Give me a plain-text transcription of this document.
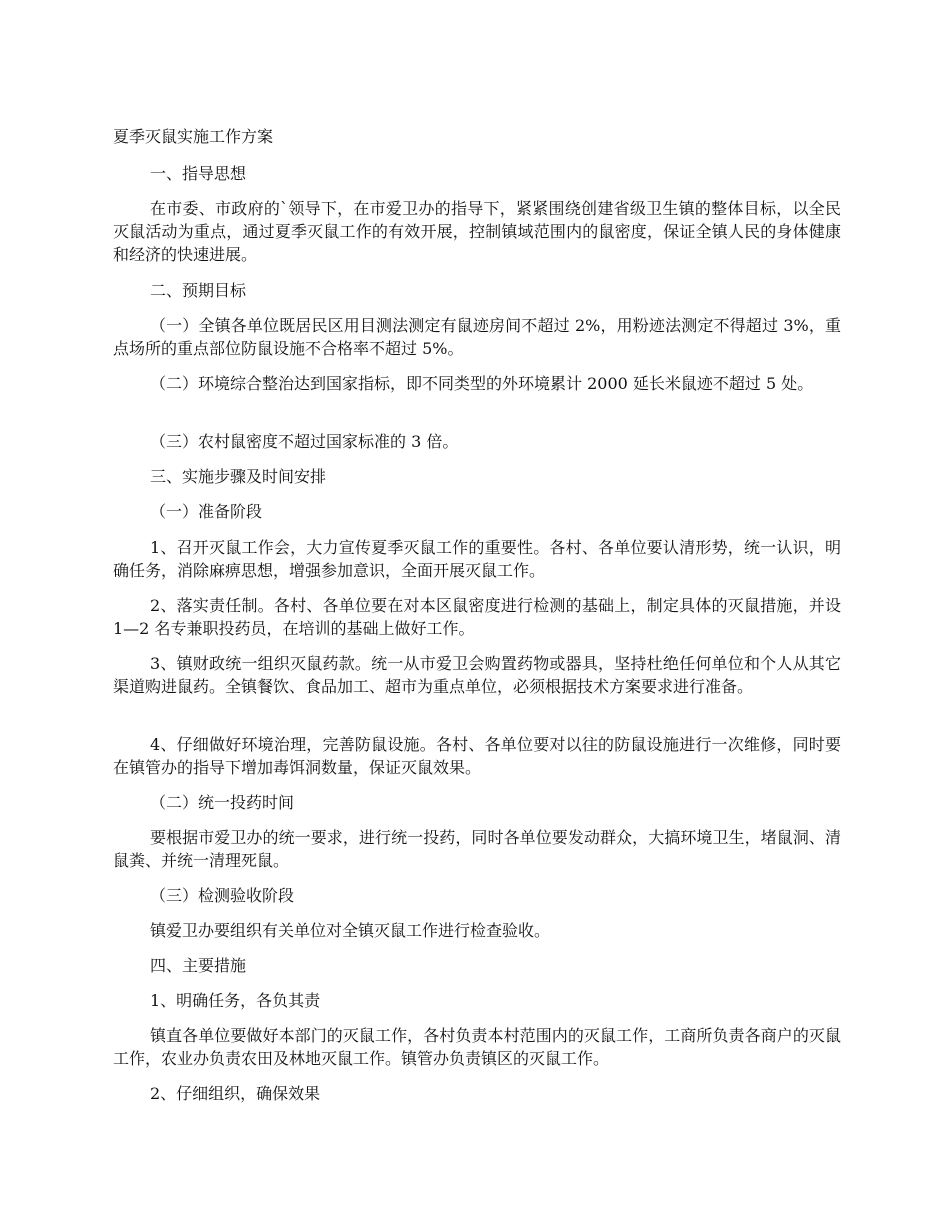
夏季灭鼠实施工作方案
一、指导思想
在市委、市政府的`领导下，在市爱卫办的指导下，紧紧围绕创建省级卫生镇的整体目标，以全民灭鼠活动为重点，通过夏季灭鼠工作的有效开展，控制镇域范围内的鼠密度，保证全镇人民的身体健康和经济的快速进展。
二、预期目标
（一）全镇各单位既居民区用目测法测定有鼠迹房间不超过 2%，用粉迹法测定不得超过 3%，重点场所的重点部位防鼠设施不合格率不超过 5%。
（二）环境综合整治达到国家指标，即不同类型的外环境累计 2000 延长米鼠迹不超过 5 处。
（三）农村鼠密度不超过国家标准的 3 倍。
三、实施步骤及时间安排
（一）准备阶段
1、召开灭鼠工作会，大力宣传夏季灭鼠工作的重要性。各村、各单位要认清形势，统一认识，明确任务，消除麻痹思想，增强参加意识，全面开展灭鼠工作。
2、落实责任制。各村、各单位要在对本区鼠密度进行检测的基础上，制定具体的灭鼠措施，并设 1—2 名专兼职投药员，在培训的基础上做好工作。
3、镇财政统一组织灭鼠药款。统一从市爱卫会购置药物或器具，坚持杜绝任何单位和个人从其它渠道购进鼠药。全镇餐饮、食品加工、超市为重点单位，必须根据技术方案要求进行准备。
4、仔细做好环境治理，完善防鼠设施。各村、各单位要对以往的防鼠设施进行一次维修，同时要在镇管办的指导下增加毒饵洞数量，保证灭鼠效果。
（二）统一投药时间
要根据市爱卫办的统一要求，进行统一投药，同时各单位要发动群众，大搞环境卫生，堵鼠洞、清鼠粪、并统一清理死鼠。
（三）检测验收阶段
镇爱卫办要组织有关单位对全镇灭鼠工作进行检查验收。
四、主要措施
1、明确任务，各负其责
镇直各单位要做好本部门的灭鼠工作，各村负责本村范围内的灭鼠工作，工商所负责各商户的灭鼠工作，农业办负责农田及林地灭鼠工作。镇管办负责镇区的灭鼠工作。
2、仔细组织，确保效果
